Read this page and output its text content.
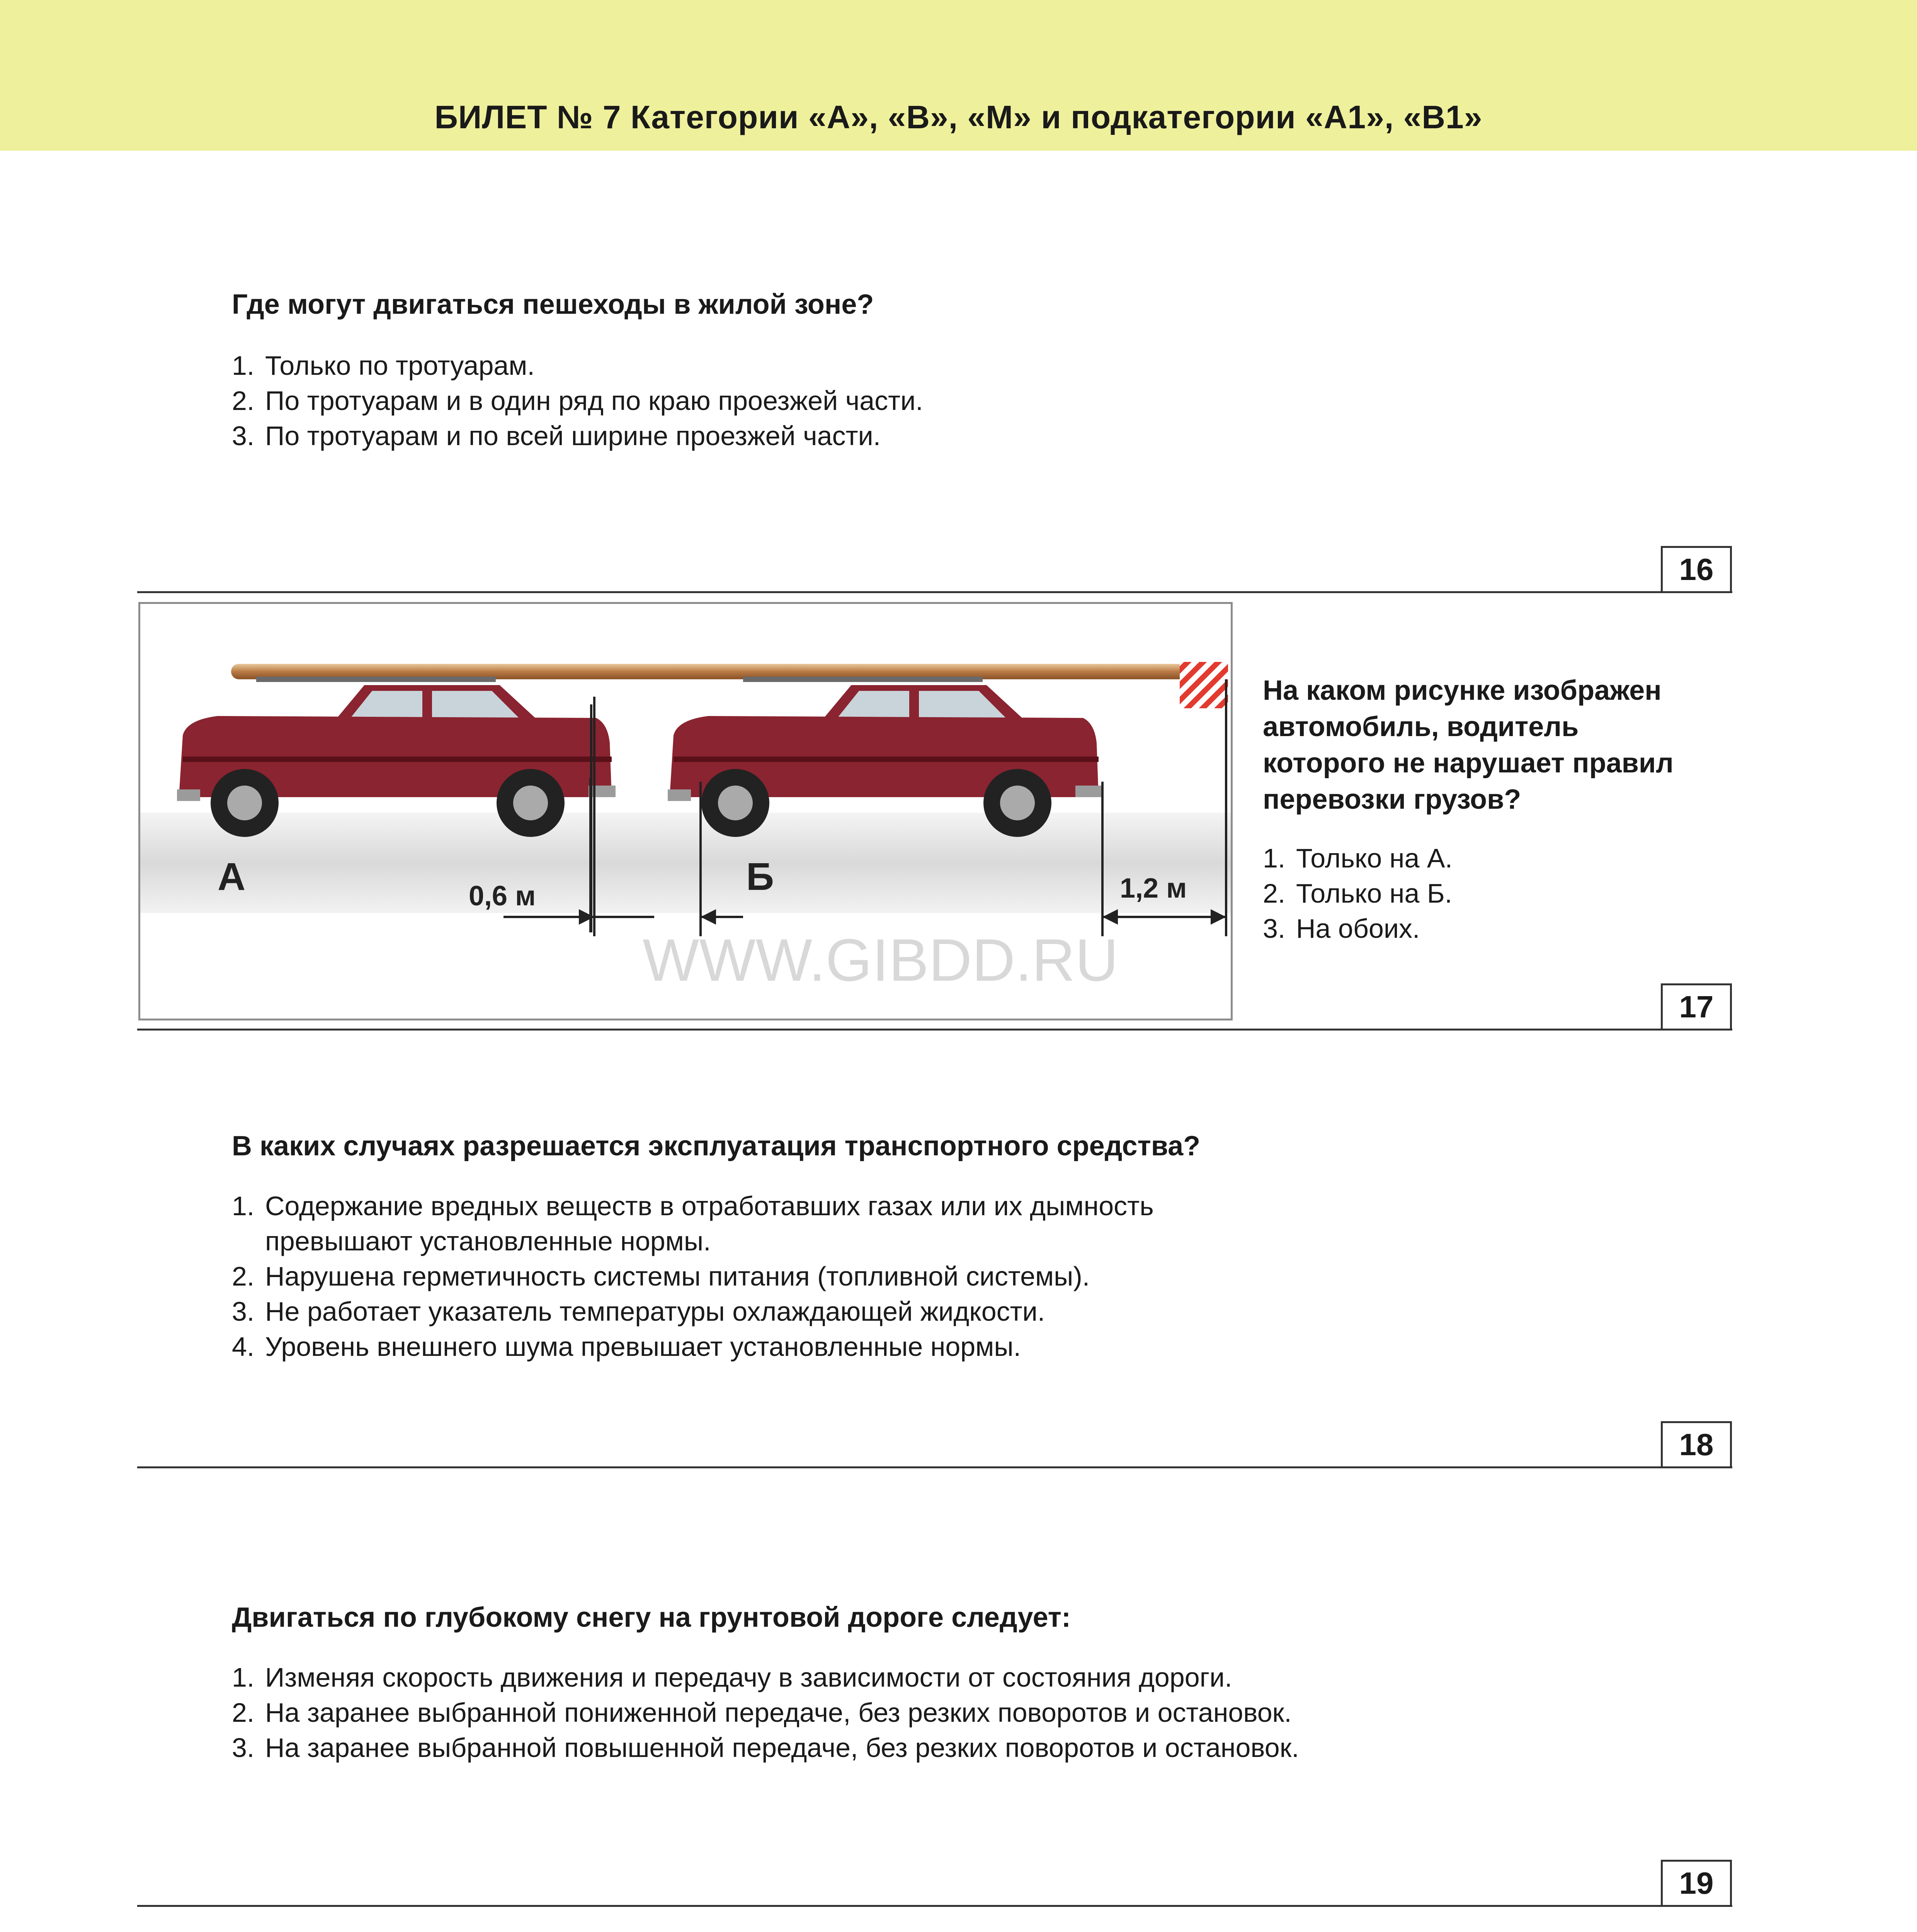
БИЛЕТ № 7 Категории «А», «В», «М» и подкатегории «А1», «В1»
Где могут двигаться пешеходы в жилой зоне?
1. Только по тротуарам.
2. По тротуарам и в один ряд по краю проезжей части.
3. По тротуарам и по всей ширине проезжей части.
16
А	Б
0,6 м	1,2 м
WWW.GIBDD.RU
На каком рисунке изображен
автомобиль, водитель
которого не нарушает правил
перевозки грузов?
1. Только на А.
2. Только на Б.
3. На обоих.
17
В каких случаях разрешается эксплуатация транспортного средства?
1. Содержание вредных веществ в отработавших газах или их дымность
превышают установленные нормы.
2. Нарушена герметичность системы питания (топливной системы).
3. Не работает указатель температуры охлаждающей жидкости.
4. Уровень внешнего шума превышает установленные нормы.
18
Двигаться по глубокому снегу на грунтовой дороге следует:
1. Изменяя скорость движения и передачу в зависимости от состояния дороги.
2. На заранее выбранной пониженной передаче, без резких поворотов и остановок.
3. На заранее выбранной повышенной передаче, без резких поворотов и остановок.
19
